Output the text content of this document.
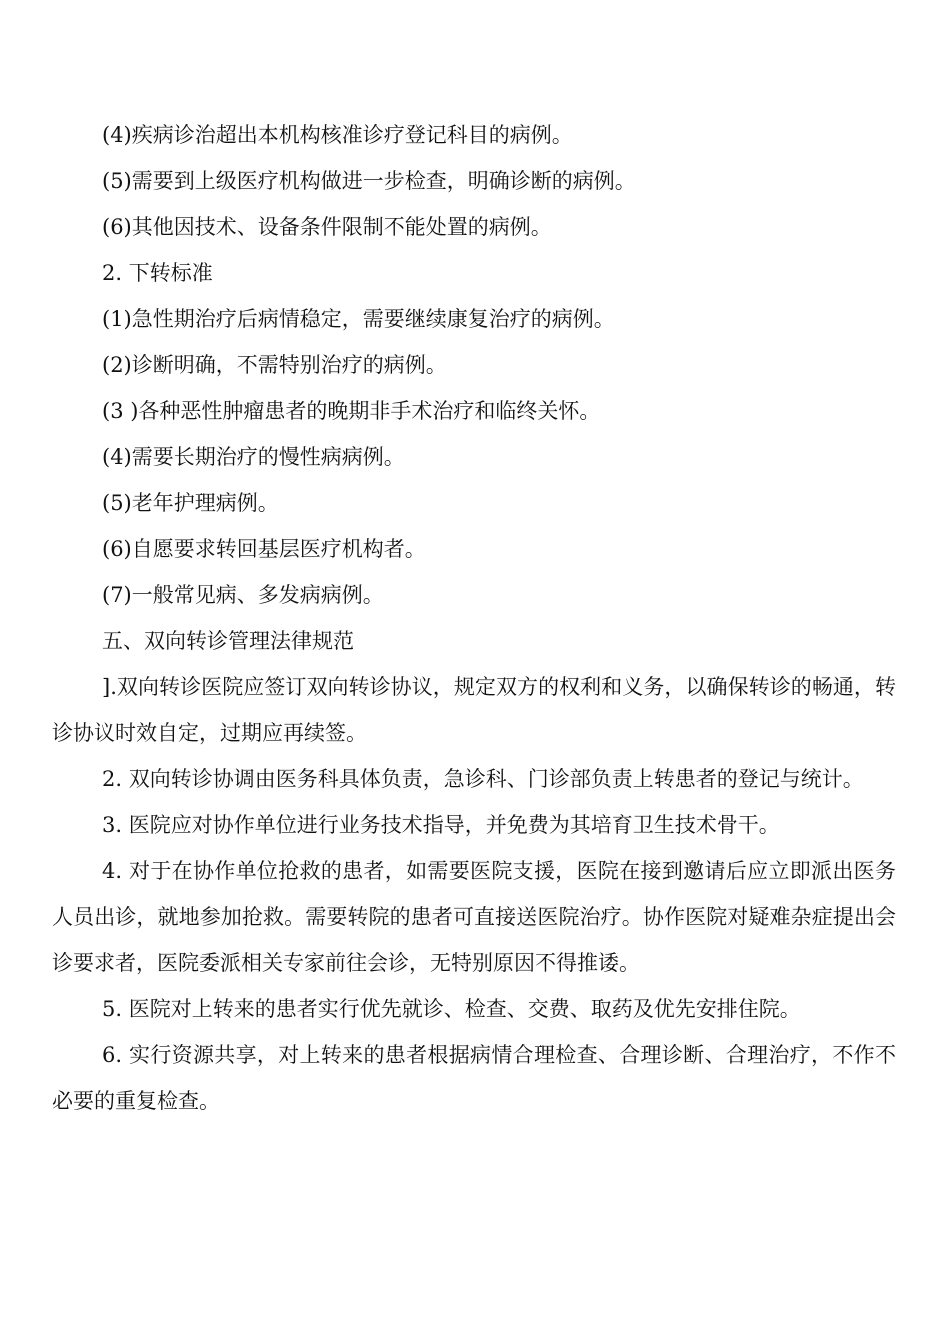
(4)疾病诊治超出本机构核准诊疗登记科目的病例。

(5)需要到上级医疗机构做进一步检查，明确诊断的病例。

(6)其他因技术、设备条件限制不能处置的病例。

2. 下转标准

(1)急性期治疗后病情稳定，需要继续康复治疗的病例。

(2)诊断明确，不需特别治疗的病例。

(3 )各种恶性肿瘤患者的晚期非手术治疗和临终关怀。

(4)需要长期治疗的慢性病病例。

(5)老年护理病例。

(6)自愿要求转回基层医疗机构者。

(7)一般常见病、多发病病例。

五、双向转诊管理法律规范

].双向转诊医院应签订双向转诊协议，规定双方的权利和义务，以确保转诊的畅通，转诊协议时效自定，过期应再续签。

2. 双向转诊协调由医务科具体负责，急诊科、门诊部负责上转患者的登记与统计。

3. 医院应对协作单位进行业务技术指导，并免费为其培育卫生技术骨干。

4. 对于在协作单位抢救的患者，如需要医院支援，医院在接到邀请后应立即派出医务人员出诊，就地参加抢救。需要转院的患者可直接送医院治疗。协作医院对疑难杂症提出会诊要求者，医院委派相关专家前往会诊，无特别原因不得推诿。

5. 医院对上转来的患者实行优先就诊、检查、交费、取药及优先安排住院。

6. 实行资源共享，对上转来的患者根据病情合理检查、合理诊断、合理治疗，不作不必要的重复检查。
